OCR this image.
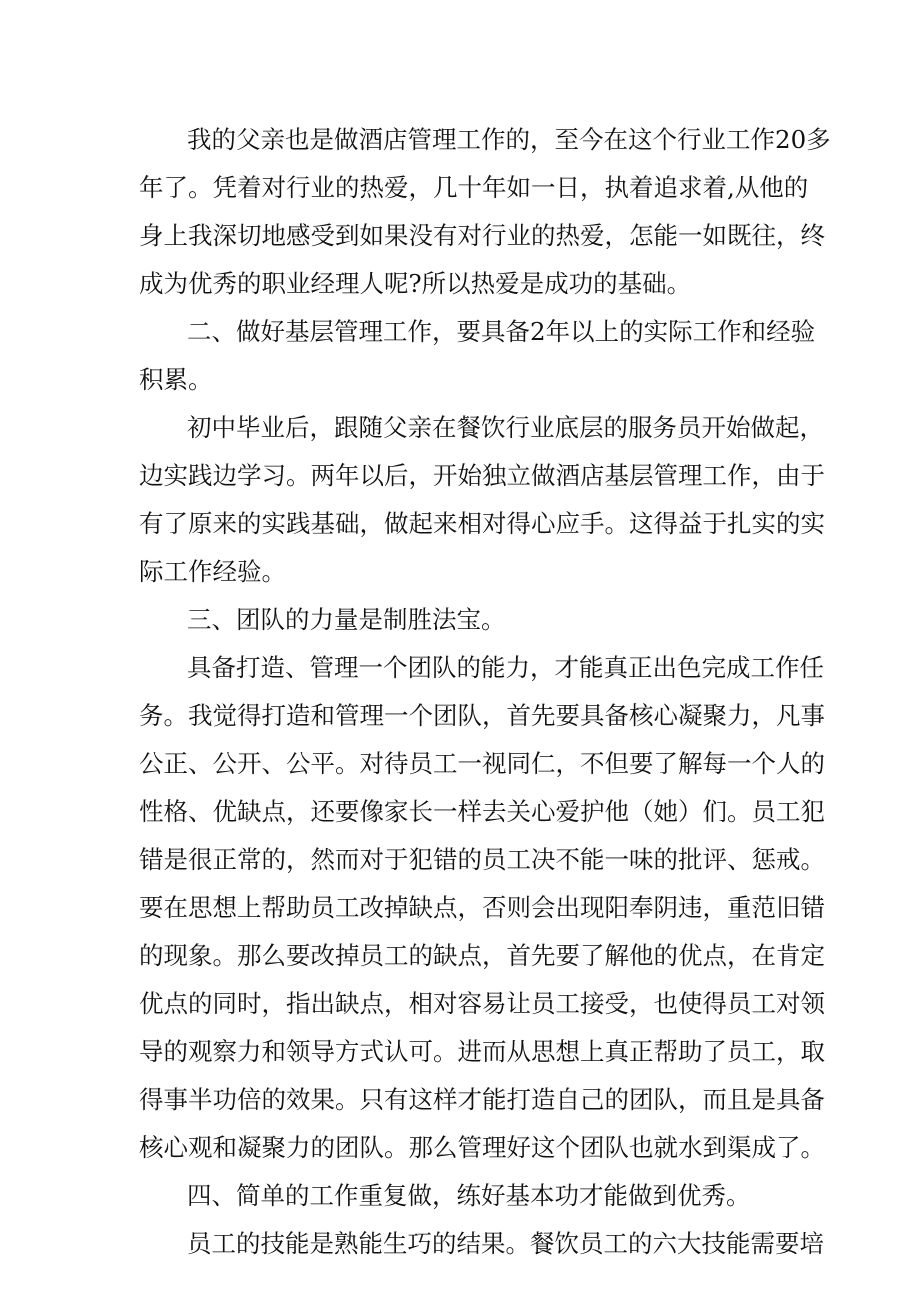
我的父亲也是做酒店管理工作的，至今在这个行业工作20多
年了。凭着对行业的热爱，几十年如一日，执着追求着,从他的
身上我深切地感受到如果没有对行业的热爱，怎能一如既往，终
成为优秀的职业经理人呢?所以热爱是成功的基础。
二、做好基层管理工作，要具备2年以上的实际工作和经验
积累。
初中毕业后，跟随父亲在餐饮行业底层的服务员开始做起，
边实践边学习。两年以后，开始独立做酒店基层管理工作，由于
有了原来的实践基础，做起来相对得心应手。这得益于扎实的实
际工作经验。
三、团队的力量是制胜法宝。
具备打造、管理一个团队的能力，才能真正出色完成工作任
务。我觉得打造和管理一个团队，首先要具备核心凝聚力，凡事
公正、公开、公平。对待员工一视同仁，不但要了解每一个人的
性格、优缺点，还要像家长一样去关心爱护他（她）们。员工犯
错是很正常的，然而对于犯错的员工决不能一味的批评、惩戒。
要在思想上帮助员工改掉缺点，否则会出现阳奉阴违，重范旧错
的现象。那么要改掉员工的缺点，首先要了解他的优点，在肯定
优点的同时，指出缺点，相对容易让员工接受，也使得员工对领
导的观察力和领导方式认可。进而从思想上真正帮助了员工，取
得事半功倍的效果。只有这样才能打造自己的团队，而且是具备
核心观和凝聚力的团队。那么管理好这个团队也就水到渠成了。
四、简单的工作重复做，练好基本功才能做到优秀。
员工的技能是熟能生巧的结果。餐饮员工的六大技能需要培
